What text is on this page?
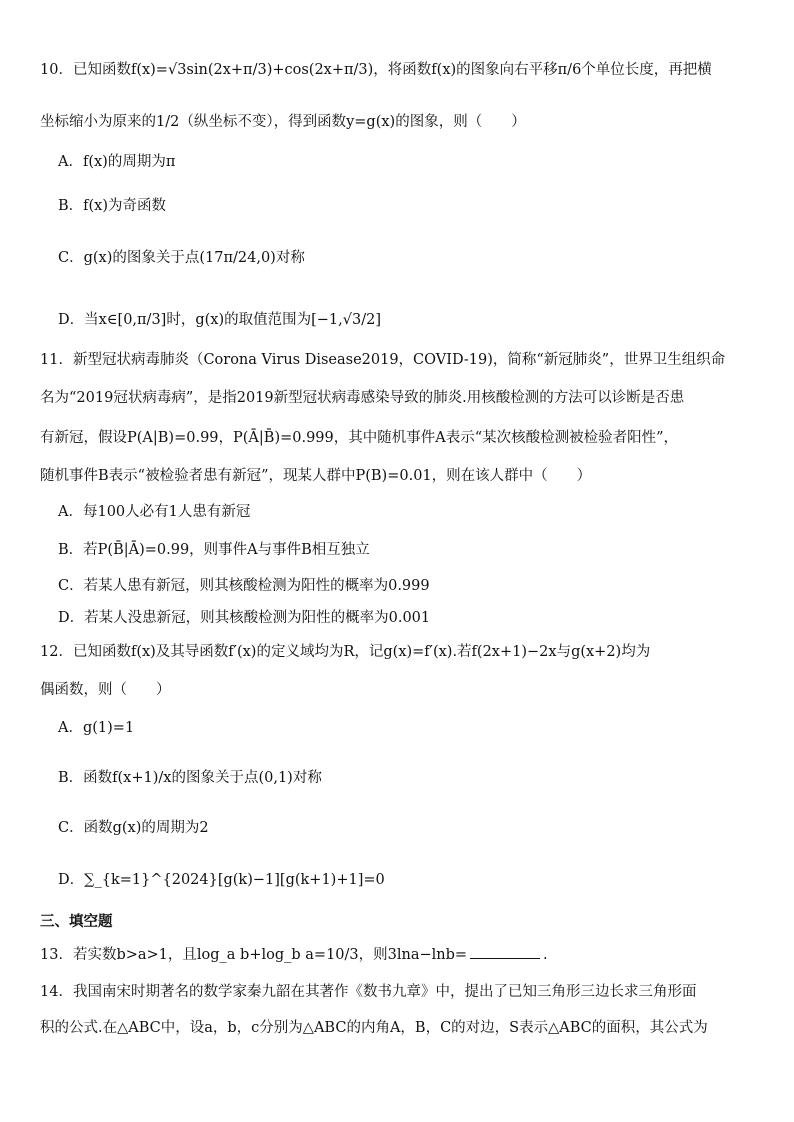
10．已知函数f(x)=√3sin(2x+π/3)+cos(2x+π/3)，将函数f(x)的图象向右平移π/6个单位长度，再把横
坐标缩小为原来的1/2（纵坐标不变），得到函数y=g(x)的图象，则（　　）
A．f(x)的周期为π
B．f(x)为奇函数
C．g(x)的图象关于点(17π/24,0)对称
D．当x∈[0,π/3]时，g(x)的取值范围为[−1,√3/2]
11．新型冠状病毒肺炎（Corona Virus Disease2019，COVID-19)，简称“新冠肺炎”，世界卫生组织命
名为“2019冠状病毒病”，是指2019新型冠状病毒感染导致的肺炎.用核酸检测的方法可以诊断是否患
有新冠，假设P(A|B)=0.99，P(Ā|B̄)=0.999，其中随机事件A表示“某次核酸检测被检验者阳性”，
随机事件B表示“被检验者患有新冠”，现某人群中P(B)=0.01，则在该人群中（　　）
A．每100人必有1人患有新冠
B．若P(B̄|Ā)=0.99，则事件A与事件B相互独立
C．若某人患有新冠，则其核酸检测为阳性的概率为0.999
D．若某人没患新冠，则其核酸检测为阳性的概率为0.001
12．已知函数f(x)及其导函数f′(x)的定义域均为R，记g(x)=f′(x).若f(2x+1)−2x与g(x+2)均为
偶函数，则（　　）
A．g(1)=1
B．函数f(x+1)/x的图象关于点(0,1)对称
C．函数g(x)的周期为2
D．∑_{k=1}^{2024}[g(k)−1][g(k+1)+1]=0
三、填空题
13．若实数b>a>1，且log_a b+log_b a=10/3，则3lna−lnb=	.
14．我国南宋时期著名的数学家秦九韶在其著作《数书九章》中，提出了已知三角形三边长求三角形面
积的公式.在△ABC中，设a，b，c分别为△ABC的内角A，B，C的对边，S表示△ABC的面积，其公式为
